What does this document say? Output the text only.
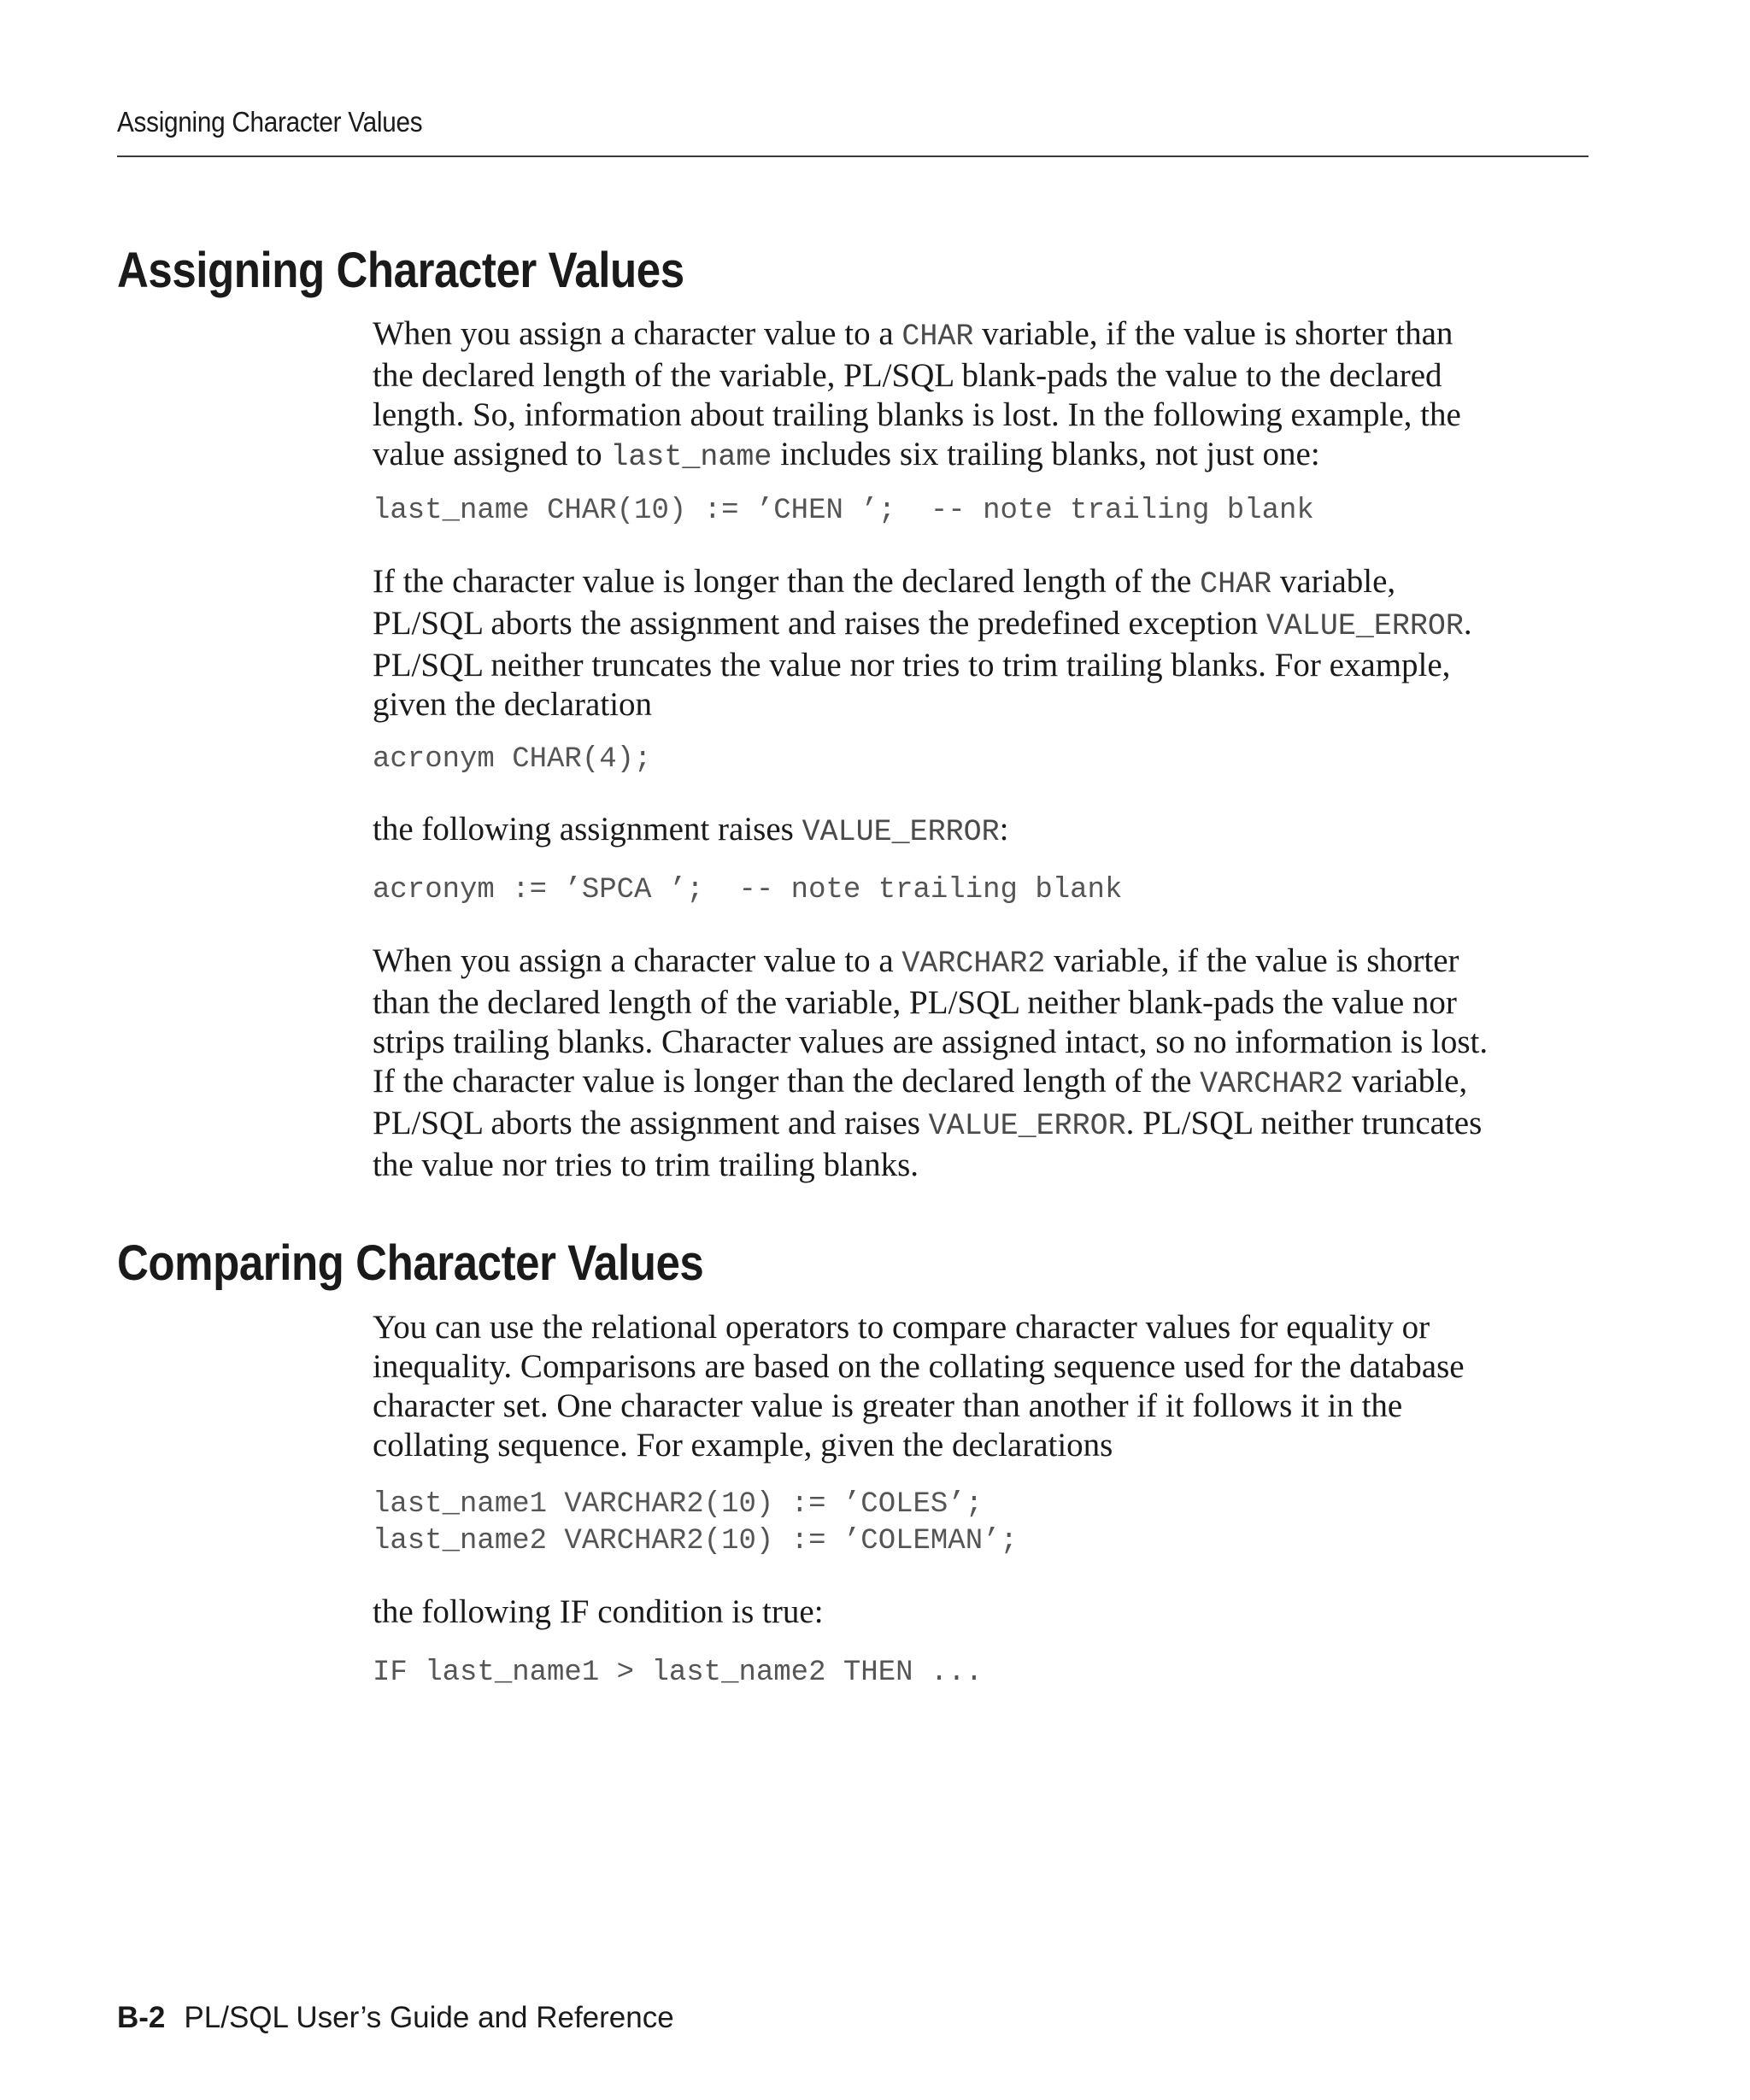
Assigning Character Values
Assigning Character Values

When you assign a character value to a CHAR variable, if the value is shorter than
the declared length of the variable, PL/SQL blank-pads the value to the declared
length. So, information about trailing blanks is lost. In the following example, the
value assigned to last_name includes six trailing blanks, not just one:

last_name CHAR(10) := ’CHEN ’;  -- note trailing blank

If the character value is longer than the declared length of the CHAR variable,
PL/SQL aborts the assignment and raises the predefined exception VALUE_ERROR.
PL/SQL neither truncates the value nor tries to trim trailing blanks. For example,
given the declaration

acronym CHAR(4);

the following assignment raises VALUE_ERROR:

acronym := ’SPCA ’;  -- note trailing blank

When you assign a character value to a VARCHAR2 variable, if the value is shorter
than the declared length of the variable, PL/SQL neither blank-pads the value nor
strips trailing blanks. Character values are assigned intact, so no information is lost.
If the character value is longer than the declared length of the VARCHAR2 variable,
PL/SQL aborts the assignment and raises VALUE_ERROR. PL/SQL neither truncates
the value nor tries to trim trailing blanks.

Comparing Character Values

You can use the relational operators to compare character values for equality or
inequality. Comparisons are based on the collating sequence used for the database
character set. One character value is greater than another if it follows it in the
collating sequence. For example, given the declarations

last_name1 VARCHAR2(10) := ’COLES’;
last_name2 VARCHAR2(10) := ’COLEMAN’;

the following IF condition is true:

IF last_name1 > last_name2 THEN ...
B-2 PL/SQL User’s Guide and Reference
